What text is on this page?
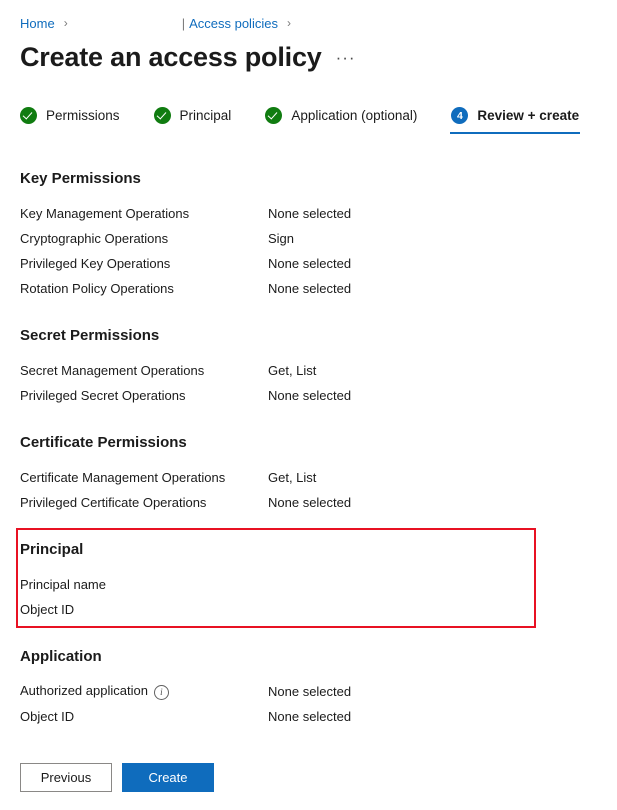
Home ›	| Access policies ›
Create an access policy ···
Permissions	Principal	Application (optional)	4	Review + create
Key Permissions
Key Management Operations	None selected
Cryptographic Operations	Sign
Privileged Key Operations	None selected
Rotation Policy Operations	None selected
Secret Permissions
Secret Management Operations	Get, List
Privileged Secret Operations	None selected
Certificate Permissions
Certificate Management Operations	Get, List
Privileged Certificate Operations	None selected
Principal
Principal name
Object ID
Application
Authorized application i	None selected
Object ID	None selected
Previous	Create
